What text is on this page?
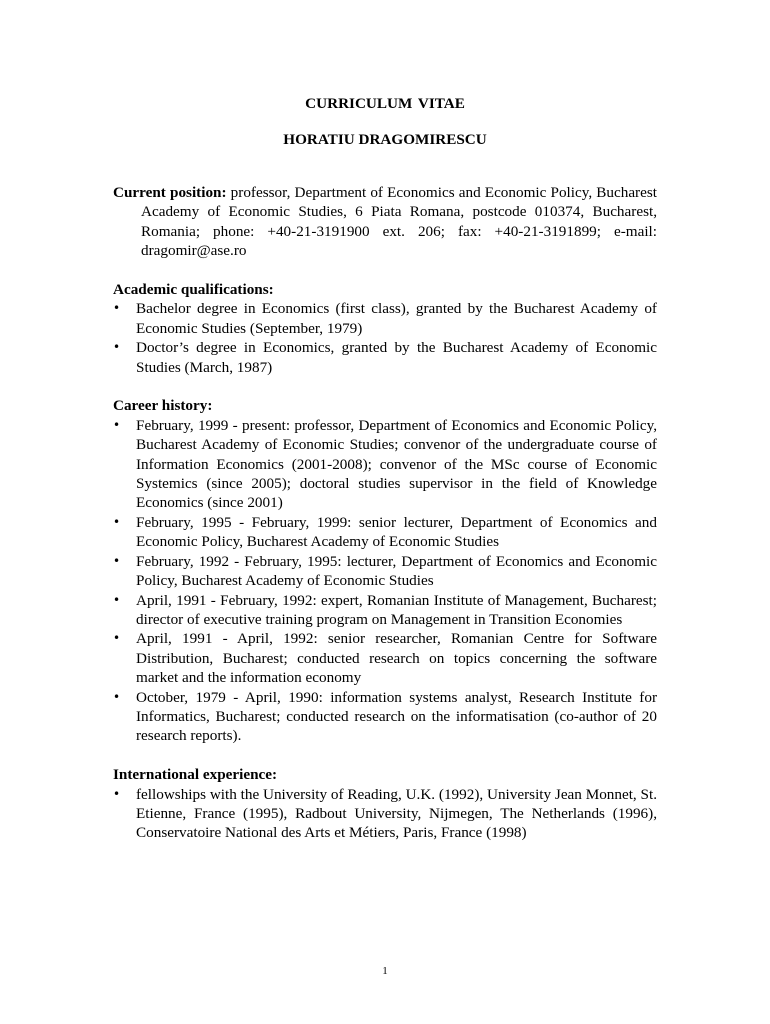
CURRICULUM VITAE
HORATIU DRAGOMIRESCU

Current position: professor, Department of Economics and Economic Policy, Bucharest Academy of Economic Studies, 6 Piata Romana, postcode 010374, Bucharest, Romania; phone: +40-21-3191900 ext. 206; fax: +40-21-3191899; e-mail: dragomir@ase.ro

Academic qualifications:

•	Bachelor degree in Economics (first class), granted by the Bucharest Academy of Economic Studies (September, 1979)
•	Doctor’s degree in Economics, granted by the Bucharest Academy of Economic Studies (March, 1987)

Career history:

•	February, 1999 - present: professor, Department of Economics and Economic Policy, Bucharest Academy of Economic Studies; convenor of the undergraduate course of Information Economics (2001-2008); convenor of the MSc course of Economic Systemics (since 2005); doctoral studies supervisor in the field of Knowledge Economics (since 2001)
•	February, 1995 - February, 1999: senior lecturer, Department of Economics and Economic Policy, Bucharest Academy of Economic Studies
•	February, 1992 - February, 1995: lecturer, Department of Economics and Economic Policy, Bucharest Academy of Economic Studies
•	April, 1991 - February, 1992: expert, Romanian Institute of Management, Bucharest; director of executive training program on Management in Transition Economies
•	April, 1991 - April, 1992: senior researcher, Romanian Centre for Software Distribution, Bucharest; conducted research on topics concerning the software market and the information economy
•	October, 1979 - April, 1990: information systems analyst, Research Institute for Informatics, Bucharest; conducted research on the informatisation (co-author of 20 research reports).

International experience:

•	fellowships with the University of Reading, U.K. (1992), University Jean Monnet, St. Etienne, France (1995), Radbout University, Nijmegen, The Netherlands (1996), Conservatoire National des Arts et Métiers, Paris, France (1998)
1
